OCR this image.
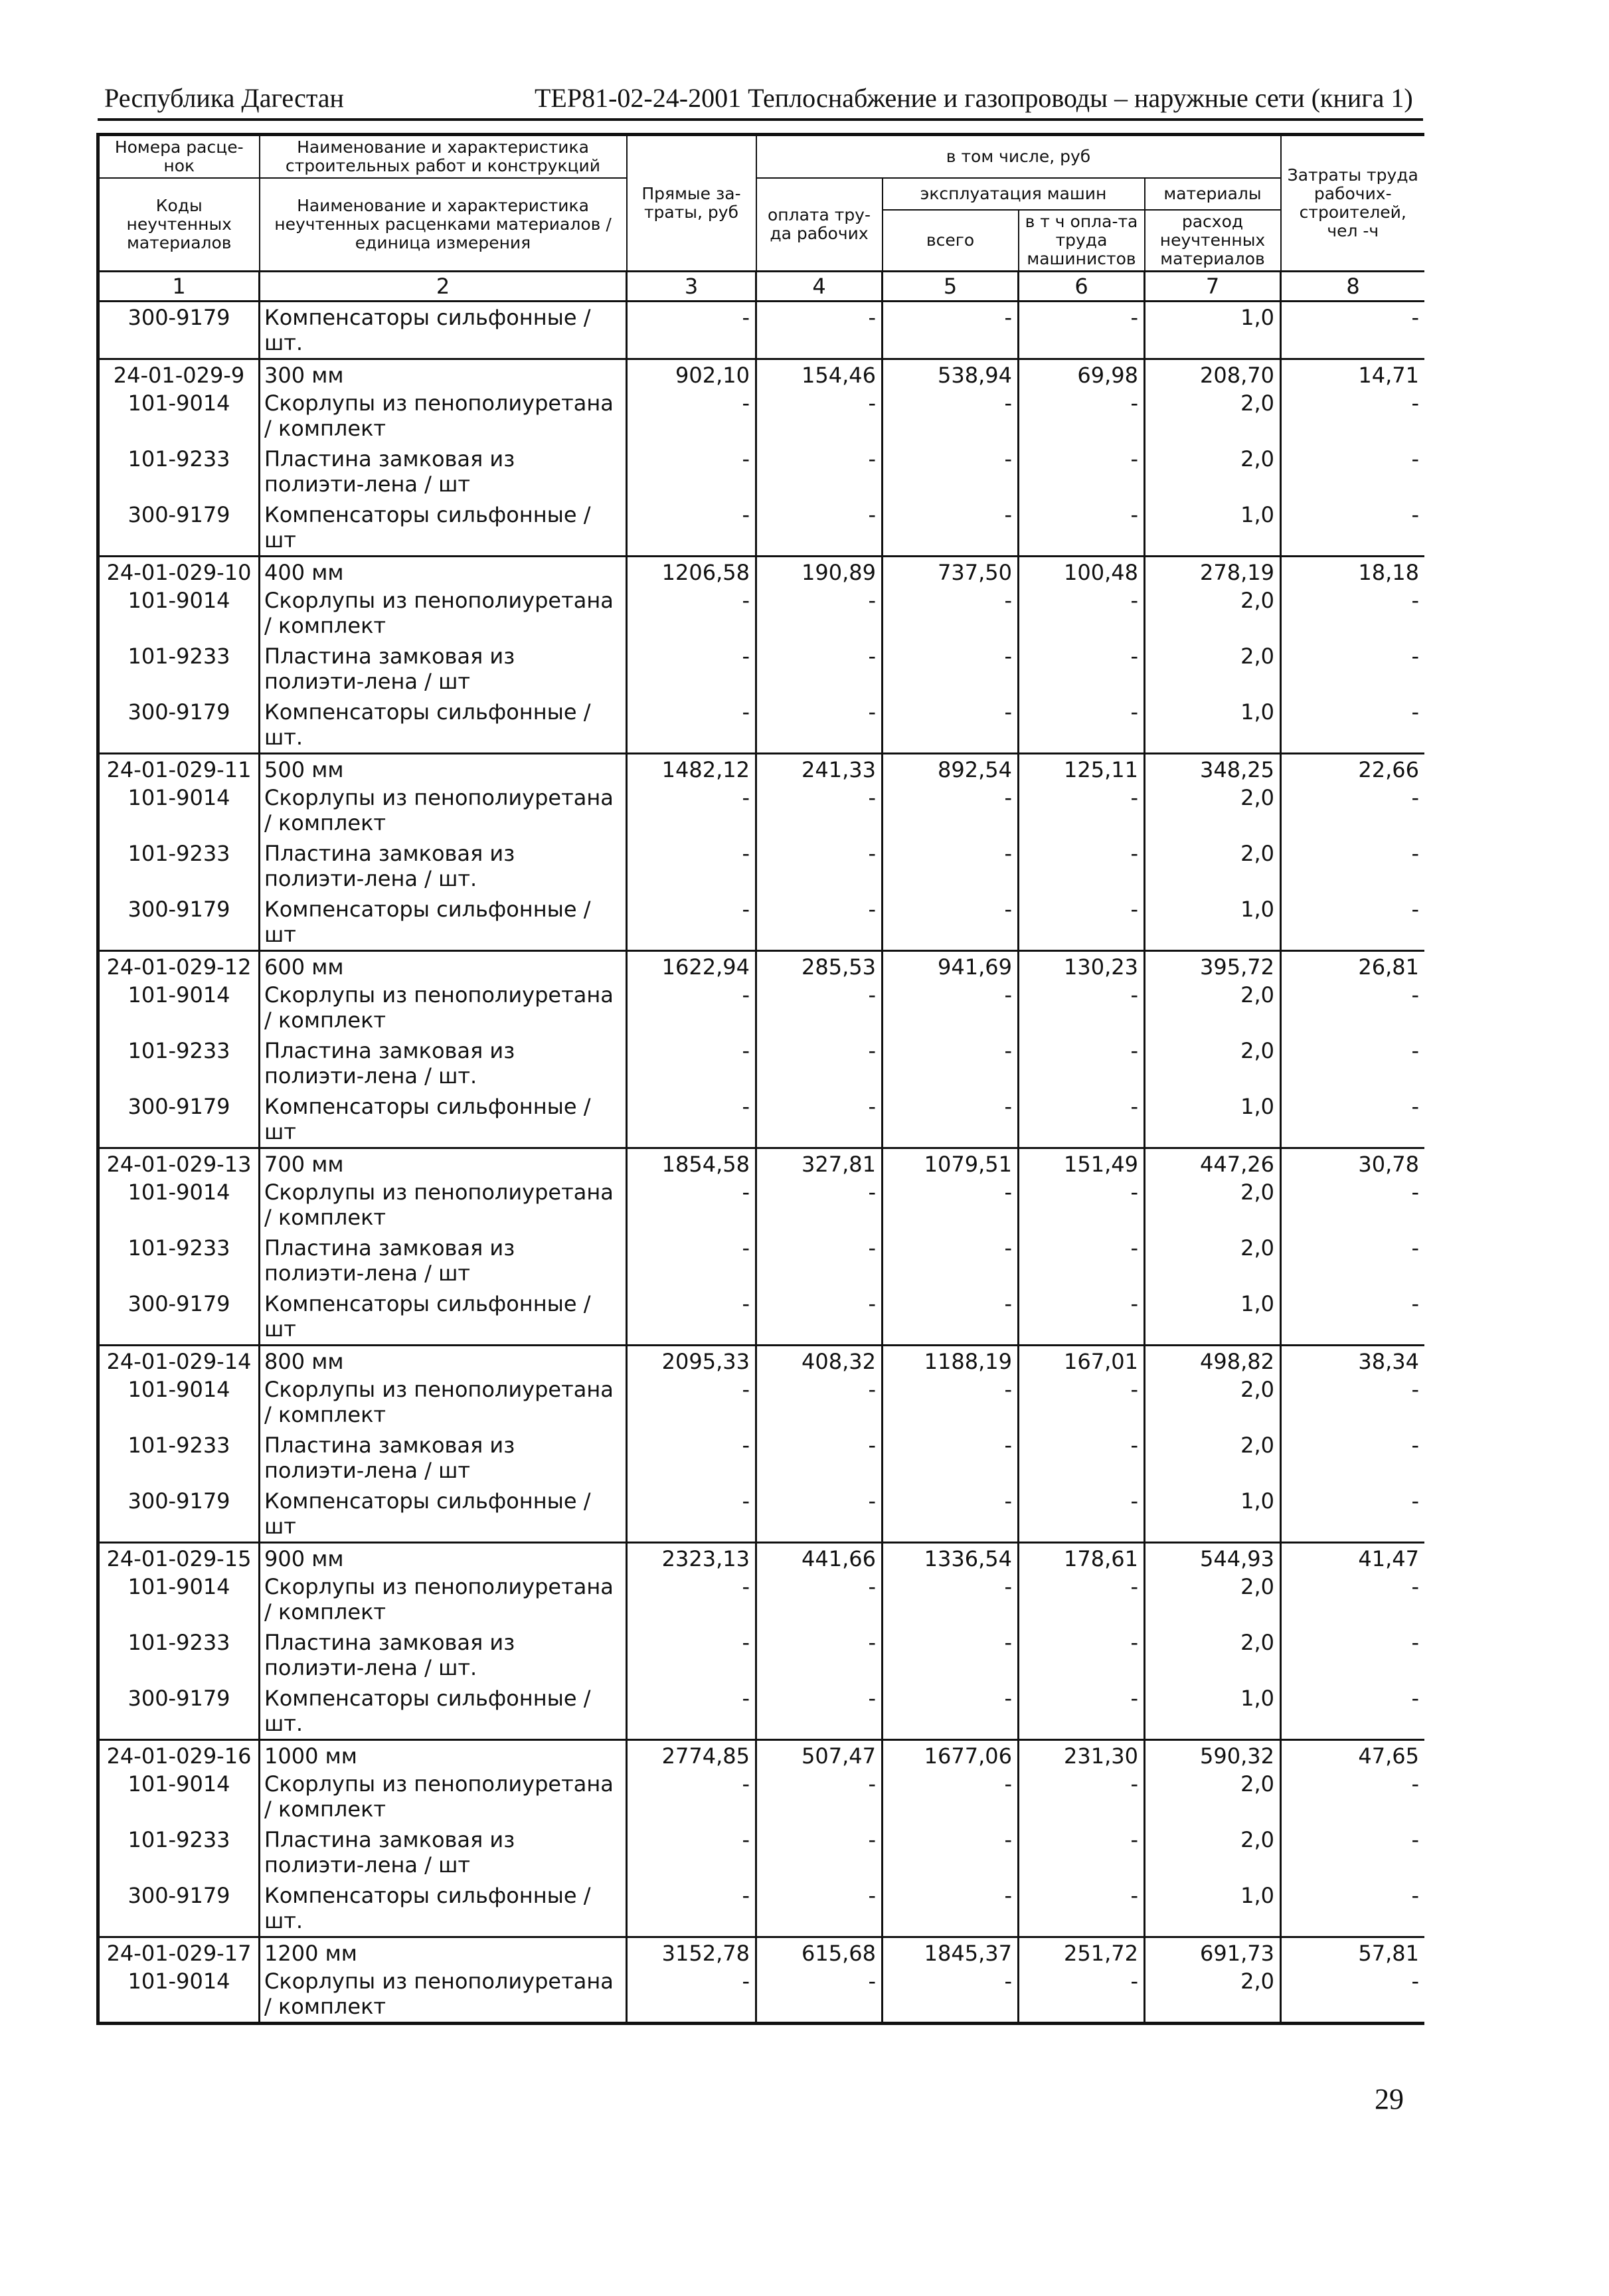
Республика Дагестан	ТЕР81-02-24-2001 Теплоснабжение и газопроводы – наружные сети (книга 1)
Номера расце-нок	Наименование и характеристика строительных работ и конструкций	Прямые за-траты, руб	в том числе, руб				Затраты труда рабочих-строителей, чел -ч
Коды неучтенных материалов	Наименование и характеристика неучтенных расценками материалов / единица измерения		оплата тру-да рабочих	эксплуатация машин		материалы	
				всего	в т ч опла-та труда машинистов	расход неучтенных материалов	

1	2	3	4	5	6	7	8
300-9179	Компенсаторы сильфонные / шт.	-	-	-	-	1,0	-
24-01-029-9	300 мм	902,10	154,46	538,94	69,98	208,70	14,71
101-9014	Скорлупы из пенополиуретана / комплект	-	-	-	-	2,0	-
101-9233	Пластина замковая из полиэти-лена / шт	-	-	-	-	2,0	-
300-9179	Компенсаторы сильфонные / шт	-	-	-	-	1,0	-
24-01-029-10	400 мм	1206,58	190,89	737,50	100,48	278,19	18,18
101-9014	Скорлупы из пенополиуретана / комплект	-	-	-	-	2,0	-
101-9233	Пластина замковая из полиэти-лена / шт	-	-	-	-	2,0	-
300-9179	Компенсаторы сильфонные / шт.	-	-	-	-	1,0	-
24-01-029-11	500 мм	1482,12	241,33	892,54	125,11	348,25	22,66
101-9014	Скорлупы из пенополиуретана / комплект	-	-	-	-	2,0	-
101-9233	Пластина замковая из полиэти-лена / шт.	-	-	-	-	2,0	-
300-9179	Компенсаторы сильфонные / шт	-	-	-	-	1,0	-
24-01-029-12	600 мм	1622,94	285,53	941,69	130,23	395,72	26,81
101-9014	Скорлупы из пенополиуретана / комплект	-	-	-	-	2,0	-
101-9233	Пластина замковая из полиэти-лена / шт.	-	-	-	-	2,0	-
300-9179	Компенсаторы сильфонные / шт	-	-	-	-	1,0	-
24-01-029-13	700 мм	1854,58	327,81	1079,51	151,49	447,26	30,78
101-9014	Скорлупы из пенополиуретана / комплект	-	-	-	-	2,0	-
101-9233	Пластина замковая из полиэти-лена / шт	-	-	-	-	2,0	-
300-9179	Компенсаторы сильфонные / шт	-	-	-	-	1,0	-
24-01-029-14	800 мм	2095,33	408,32	1188,19	167,01	498,82	38,34
101-9014	Скорлупы из пенополиуретана / комплект	-	-	-	-	2,0	-
101-9233	Пластина замковая из полиэти-лена / шт	-	-	-	-	2,0	-
300-9179	Компенсаторы сильфонные / шт	-	-	-	-	1,0	-
24-01-029-15	900 мм	2323,13	441,66	1336,54	178,61	544,93	41,47
101-9014	Скорлупы из пенополиуретана / комплект	-	-	-	-	2,0	-
101-9233	Пластина замковая из полиэти-лена / шт.	-	-	-	-	2,0	-
300-9179	Компенсаторы сильфонные / шт.	-	-	-	-	1,0	-
24-01-029-16	1000 мм	2774,85	507,47	1677,06	231,30	590,32	47,65
101-9014	Скорлупы из пенополиуретана / комплект	-	-	-	-	2,0	-
101-9233	Пластина замковая из полиэти-лена / шт	-	-	-	-	2,0	-
300-9179	Компенсаторы сильфонные / шт.	-	-	-	-	1,0	-
24-01-029-17	1200 мм	3152,78	615,68	1845,37	251,72	691,73	57,81
101-9014	Скорлупы из пенополиуретана / комплект	-	-	-	-	2,0	-
29
